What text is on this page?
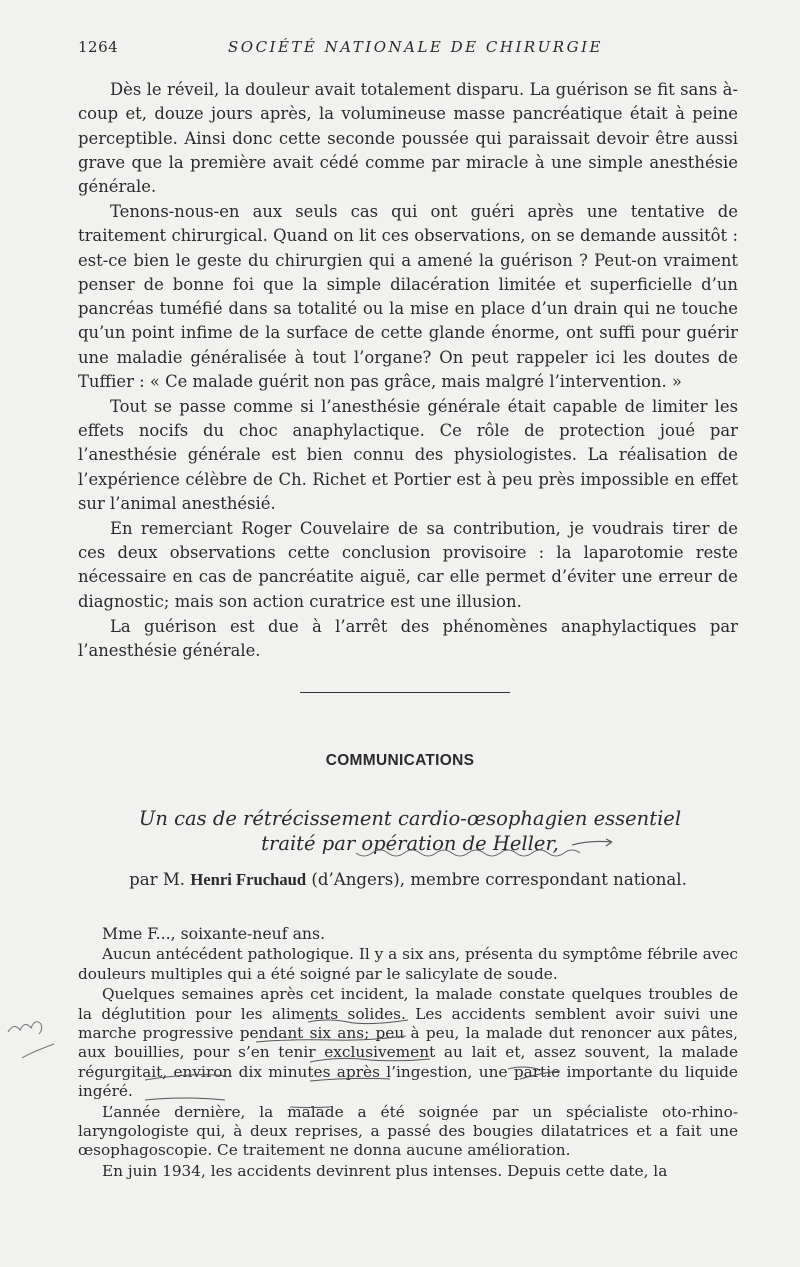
1264	SOCIÉTÉ NATIONALE DE CHIRURGIE

Dès le réveil, la douleur avait totalement disparu. La guérison se fit sans à-coup et, douze jours après, la volumineuse masse pancréatique était à peine perceptible. Ainsi donc cette seconde poussée qui paraissait devoir être aussi grave que la première avait cédé comme par miracle à une simple anesthésie générale.

Tenons-nous-en aux seuls cas qui ont guéri après une tentative de traitement chirurgical. Quand on lit ces observations, on se demande aussitôt : est-ce bien le geste du chirurgien qui a amené la guérison ? Peut-on vraiment penser de bonne foi que la simple dilacération limitée et superficielle d’un pancréas tuméfié dans sa totalité ou la mise en place d’un drain qui ne touche qu’un point infime de la surface de cette glande énorme, ont suffi pour guérir une maladie généralisée à tout l’organe? On peut rappeler ici les doutes de Tuffier : « Ce malade guérit non pas grâce, mais malgré l’intervention. »

Tout se passe comme si l’anesthésie générale était capable de limiter les effets nocifs du choc anaphylactique. Ce rôle de protection joué par l’anesthésie générale est bien connu des physiologistes. La réalisation de l’expérience célèbre de Ch. Richet et Portier est à peu près impossible en effet sur l’animal anesthésié.

En remerciant Roger Couvelaire de sa contribution, je voudrais tirer de ces deux observations cette conclusion provisoire : la laparotomie reste nécessaire en cas de pancréatite aiguë, car elle permet d’éviter une erreur de diagnostic; mais son action curatrice est une illusion.

La guérison est due à l’arrêt des phénomènes anaphylactiques par l’anesthésie générale.

COMMUNICATIONS
Un cas de rétrécissement cardio-œsophagien essentiel
traité par opération de Heller,
par M. Henri Fruchaud (d’Angers), membre correspondant national.

Mme F..., soixante-neuf ans.

Aucun antécédent pathologique. Il y a six ans, présenta du symptôme fébrile avec douleurs multiples qui a été soigné par le salicylate de soude.

Quelques semaines après cet incident, la malade constate quelques troubles de la déglutition pour les aliments solides. Les accidents semblent avoir suivi une marche progressive pendant six ans; peu à peu, la malade dut renoncer aux pâtes, aux bouillies, pour s’en tenir exclusivement au lait et, assez souvent, la malade régurgitait, environ dix minutes après l’ingestion, une partie importante du liquide ingéré.

L’année dernière, la malade a été soignée par un spécialiste oto-rhino-laryngologiste qui, à deux reprises, a passé des bougies dilatatrices et a fait une œsophagoscopie. Ce traitement ne donna aucune amélioration.

En juin 1934, les accidents devinrent plus intenses. Depuis cette date, la
